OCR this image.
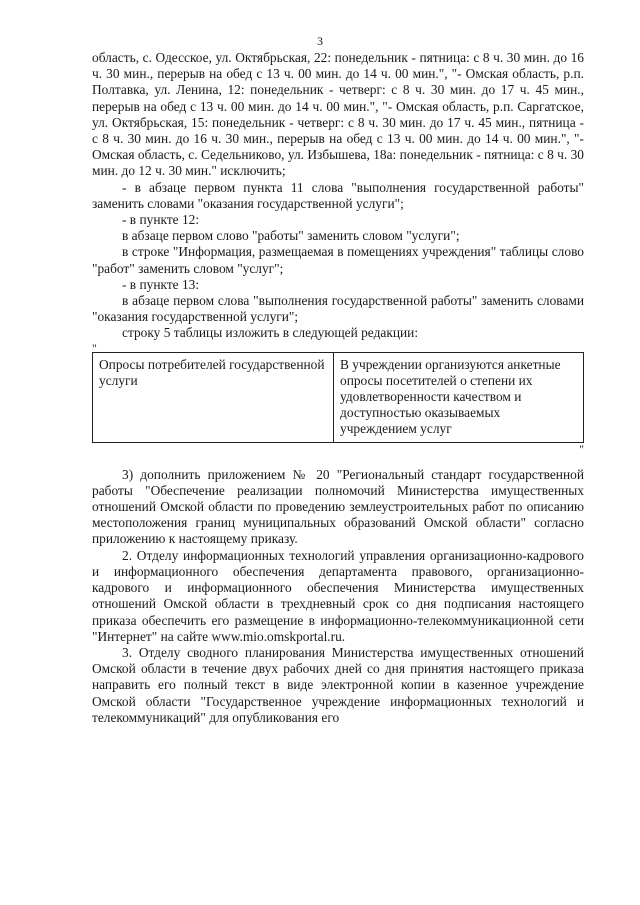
3

область, с. Одесское, ул. Октябрьская, 22: понедельник - пятница: с 8 ч. 30 мин. до 16 ч. 30 мин., перерыв на обед с 13 ч. 00 мин. до 14 ч. 00 мин.", "- Омская область, р.п. Полтавка, ул. Ленина, 12: понедельник - четверг: с 8 ч. 30 мин. до 17 ч. 45 мин., перерыв на обед с 13 ч. 00 мин. до 14 ч. 00 мин.", "- Омская область, р.п. Саргатское, ул. Октябрьская, 15: понедельник - четверг: с 8 ч. 30 мин. до 17 ч. 45 мин., пятница - с 8 ч. 30 мин. до 16 ч. 30 мин., перерыв на обед с 13 ч. 00 мин. до 14 ч. 00 мин.", "- Омская область, с. Седельниково, ул. Избышева, 18а: понедельник - пятница: с 8 ч. 30 мин. до 12 ч. 30 мин." исключить;

- в абзаце первом пункта 11 слова "выполнения государственной работы" заменить словами "оказания государственной услуги";

- в пункте 12:

в абзаце первом слово "работы" заменить словом "услуги";

в строке "Информация, размещаемая в помещениях учреждения" таблицы слово "работ" заменить словом "услуг";

- в пункте 13:

в абзаце первом слова "выполнения государственной работы" заменить словами "оказания государственной услуги";

строку 5 таблицы изложить в следующей редакции:

"
Опросы потребителей государственной услуги	В учреждении организуются анкетные опросы посетителей о степени их удовлетворенности качеством и доступностью оказываемых учреждением услуг
"

3) дополнить приложением № 20 "Региональный стандарт государственной работы "Обеспечение реализации полномочий Министерства имущественных отношений Омской области по проведению землеустроительных работ по описанию местоположения границ муниципальных образований Омской области" согласно приложению к настоящему приказу.

2. Отделу информационных технологий управления организационно-кадрового и информационного обеспечения департамента правового, организационно-кадрового и информационного обеспечения Министерства имущественных отношений Омской области в трехдневный срок со дня подписания настоящего приказа обеспечить его размещение в информационно-телекоммуникационной сети "Интернет" на сайте www.mio.omskportal.ru.

3. Отделу сводного планирования Министерства имущественных отношений Омской области в течение двух рабочих дней со дня принятия настоящего приказа направить его полный текст в виде электронной копии в казенное учреждение Омской области "Государственное учреждение информационных технологий и телекоммуникаций" для опубликования его
